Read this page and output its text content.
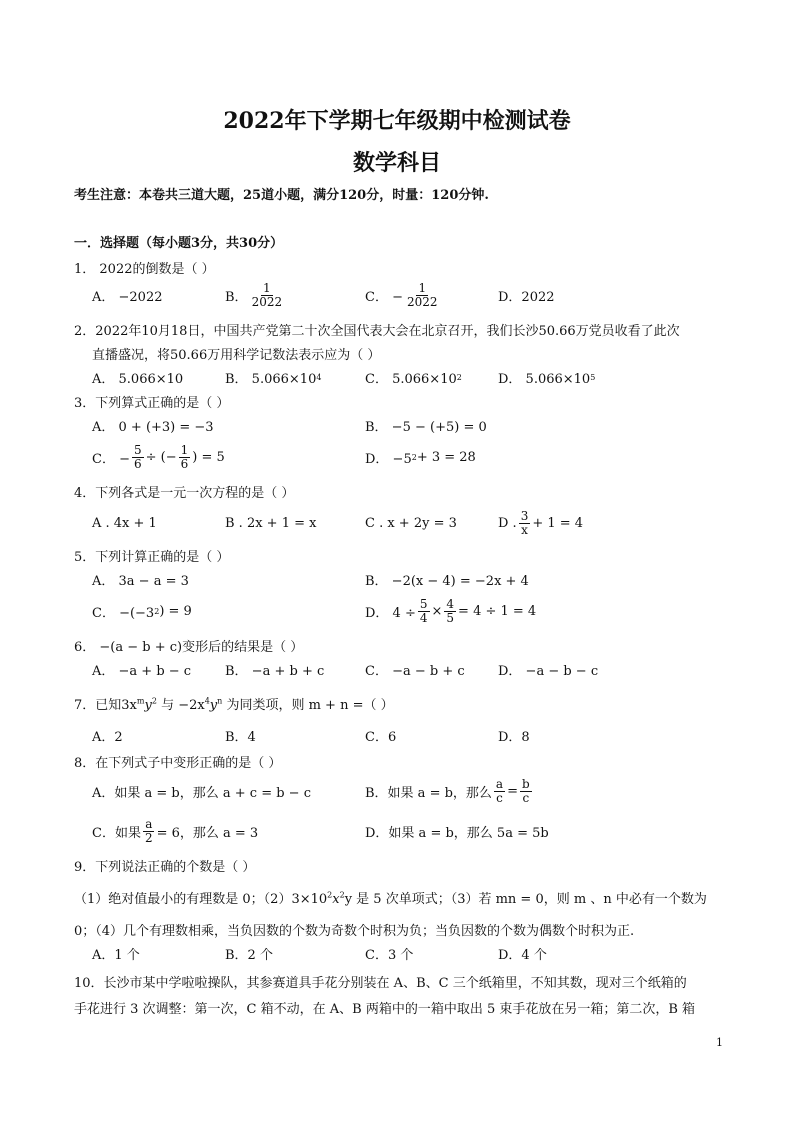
2022年下学期七年级期中检测试卷
数学科目
考生注意：本卷共三道大题，25道小题，满分120分，时量：120分钟.
一．选择题（每小题3分，共30分）
1． 2022的倒数是（ ）
A． −2022	B． $\frac{1}{2022}$	C． − $\frac{1}{2022}$	D．2022
2．2022年10月18日，中国共产党第二十次全国代表大会在北京召开，我们长沙50.66万党员收看了此次
直播盛况，将50.66万用科学记数法表示应为（ ）
A． 5.066×10	B． 5.066×10 4	C． 5.066×10 2	D． 5.066×10 5
3．下列算式正确的是（ ）
A． 0 + (+3) = −3	B． −5 − (+5) = 0
C． − $\frac{5}{6}$ ÷ (− $\frac{1}{6}$ ) = 5	D． −5 2 + 3 = 28
4．下列各式是一元一次方程的是（ ）
A . 4x + 1	B . 2x + 1 = x	C . x + 2y = 3	D . $\frac{3}{x} + 1 = 4$
5．下列计算正确的是（ ）
A． 3a − a = 3	B． −2(x − 4) = −2x + 4
C． −(−3 2 ) = 9	D． $4 \div \frac{5}{4} \times \frac{4}{5} = 4 \div 1 = 4$
6． −(a − b + c)变形后的结果是（ ）
A． −a + b − c	B． −a + b + c	C． −a − b + c	D． −a − b − c
7．已知$3x^my^2$ 与 $-2x^4y^n$ 为同类项，则 m + n =（ ）
A．2	B．4	C．6	D．8
8．在下列式子中变形正确的是（ ）
A．如果 a = b，那么 a + c = b − c	B．如果 a = b，那么 $\frac{a}{c} = \frac{b}{c}$
C．如果 $\frac{a}{2} = 6$，那么 a = 3	D．如果 a = b，那么 5a = 5b
9．下列说法正确的个数是（ ）
（1）绝对值最小的有理数是 0；$(2)3\times 10^2x^2y$ 是 5 次单项式；（3）若 mn = 0，则 m 、n 中必有一个数为
0；（4）几个有理数相乘，当负因数的个数为奇数个时积为负；当负因数的个数为偶数个时积为正.
A．1 个	B．2 个	C．3 个	D．4 个
10．长沙市某中学啦啦操队，其参赛道具手花分别装在 A、B、C 三个纸箱里，不知其数，现对三个纸箱的
手花进行 3 次调整：第一次，C 箱不动，在 A、B 两箱中的一箱中取出 5 束手花放在另一箱；第二次，B 箱
1
